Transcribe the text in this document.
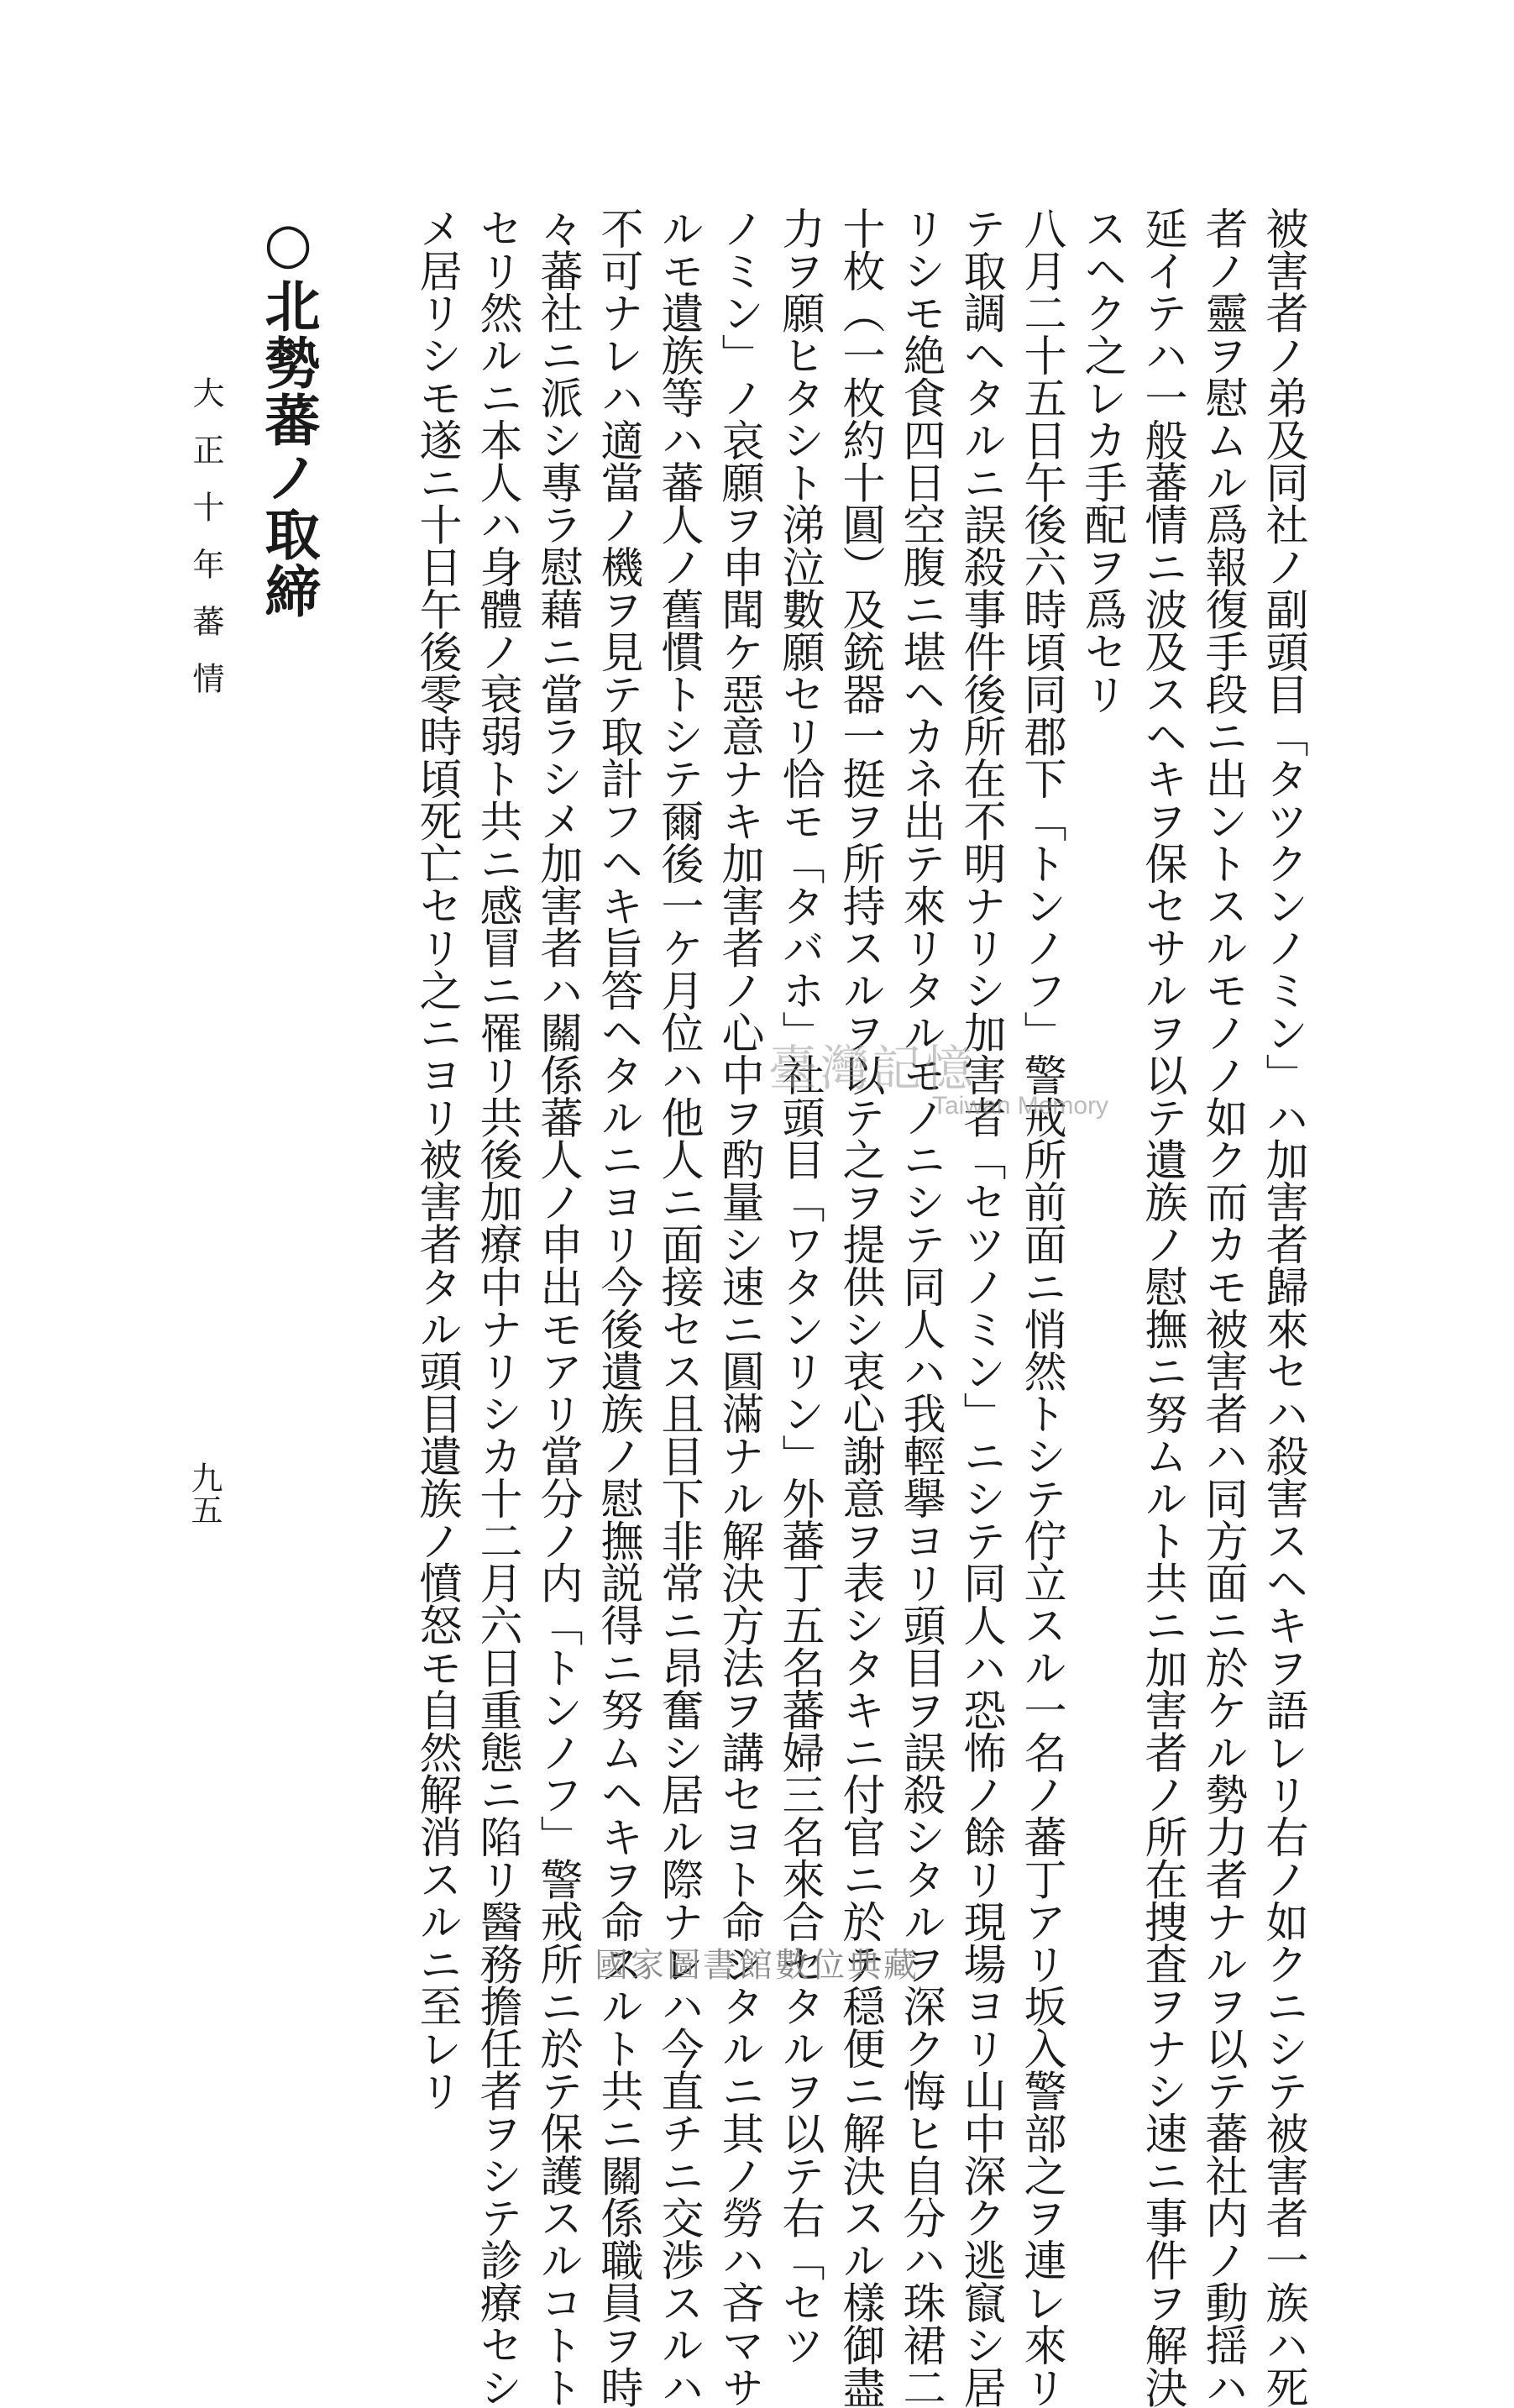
被害者ノ弟及同社ノ副頭目「タツクンノミン」ハ加害者歸來セハ殺害スヘキヲ語レリ右ノ如クニシテ被害者一族ハ死
者ノ靈ヲ慰ムル爲報復手段ニ出ントスルモノノ如ク而カモ被害者ハ同方面ニ於ケル勢力者ナルヲ以テ蕃社内ノ動揺ハ
延イテハ一般蕃情ニ波及スヘキヲ保セサルヲ以テ遺族ノ慰撫ニ努ムルト共ニ加害者ノ所在捜査ヲナシ速ニ事件ヲ解決
スヘク之レカ手配ヲ爲セリ
八月二十五日午後六時頃同郡下「トンノフ」警戒所前面ニ悄然トシテ佇立スル一名ノ蕃丁アリ坂入警部之ヲ連レ來リ
テ取調ヘタルニ誤殺事件後所在不明ナリシ加害者「セツノミン」ニシテ同人ハ恐怖ノ餘リ現場ヨリ山中深ク逃竄シ居
リシモ絶食四日空腹ニ堪ヘカネ出テ來リタルモノニシテ同人ハ我輕擧ヨリ頭目ヲ誤殺シタルヲ深ク悔ヒ自分ハ珠裙二
十枚（一枚約十圓）及銃器一挺ヲ所持スルヲ以テ之ヲ提供シ衷心謝意ヲ表シタキニ付官ニ於テ穏便ニ解決スル樣御盡
力ヲ願ヒタシト涕泣數願セリ恰モ「タバホ」社頭目「ワタンリン」外蕃丁五名蕃婦三名來合セタルヲ以テ右「セツ
ノミン」ノ哀願ヲ申聞ケ惡意ナキ加害者ノ心中ヲ酌量シ速ニ圓滿ナル解決方法ヲ講セヨト命シタルニ其ノ勞ハ吝マサ
ルモ遺族等ハ蕃人ノ舊慣トシテ爾後一ケ月位ハ他人ニ面接セス且目下非常ニ昂奮シ居ル際ナレハ今直チニ交渉スルハ
不可ナレハ適當ノ機ヲ見テ取計フヘキ旨答ヘタルニヨリ今後遺族ノ慰撫説得ニ努ムヘキヲ命スルト共ニ關係職員ヲ時
々蕃社ニ派シ專ラ慰藉ニ當ラシメ加害者ハ關係蕃人ノ申出モアリ當分ノ内「トンノフ」警戒所ニ於テ保護スルコトト
セリ然ルニ本人ハ身體ノ衰弱ト共ニ感冒ニ罹リ共後加療中ナリシカ十二月六日重態ニ陷リ醫務擔任者ヲシテ診療セシ
メ居リシモ遂ニ十日午後零時頃死亡セリ之ニヨリ被害者タル頭目遺族ノ憤怒モ自然解消スルニ至レリ
○北勢蕃ノ取締
大正十年蕃情
九五
臺灣記憶
Taiwan Memory
國家圖書館數位典藏
